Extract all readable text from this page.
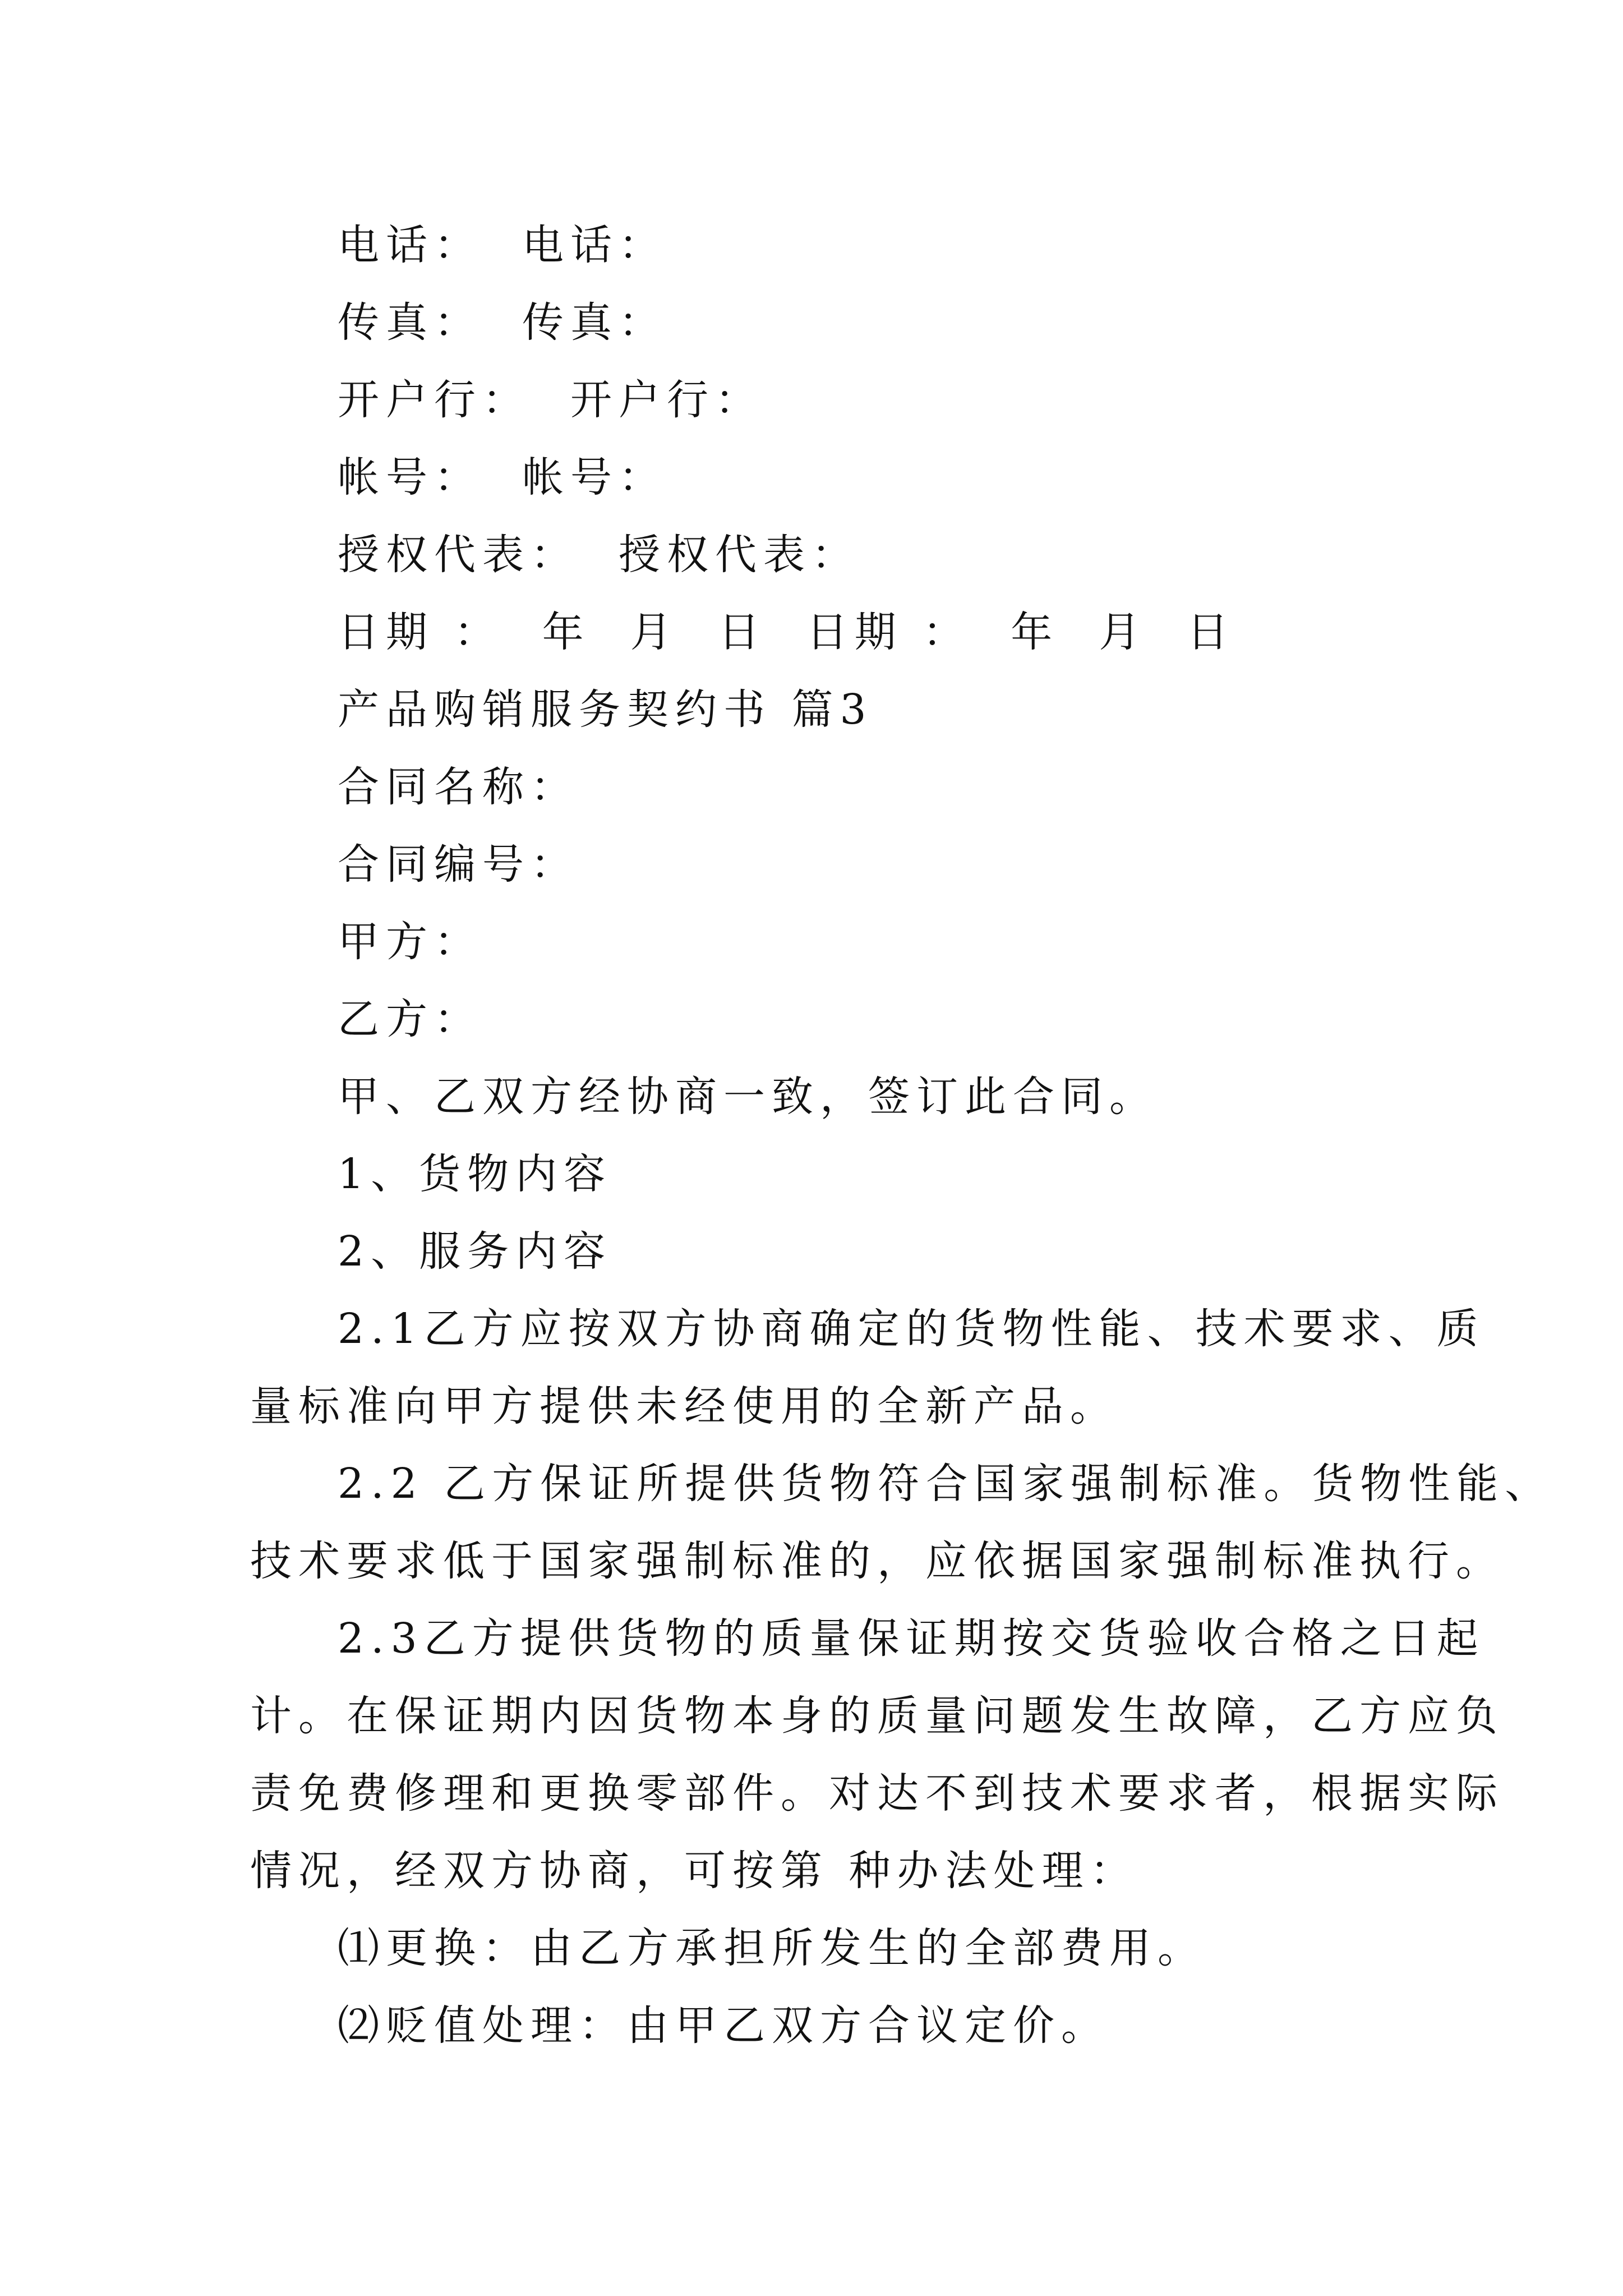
电话：  电话：
传真：  传真：
开户行：  开户行：
帐号：  帐号：
授权代表：  授权代表：
日期 ：  年  月  日  日期 ：  年  月  日
产品购销服务契约书 篇3
合同名称：
合同编号：
甲方：
乙方：
甲、乙双方经协商一致，签订此合同。
1、货物内容
2、服务内容
2.1乙方应按双方协商确定的货物性能、技术要求、质
量标准向甲方提供未经使用的全新产品。
2.2 乙方保证所提供货物符合国家强制标准。货物性能、
技术要求低于国家强制标准的，应依据国家强制标准执行。
2.3乙方提供货物的质量保证期按交货验收合格之日起
计。在保证期内因货物本身的质量问题发生故障，乙方应负
责免费修理和更换零部件。对达不到技术要求者，根据实际
情况，经双方协商，可按第 种办法处理：
⑴更换：由乙方承担所发生的全部费用。
⑵贬值处理：由甲乙双方合议定价。
